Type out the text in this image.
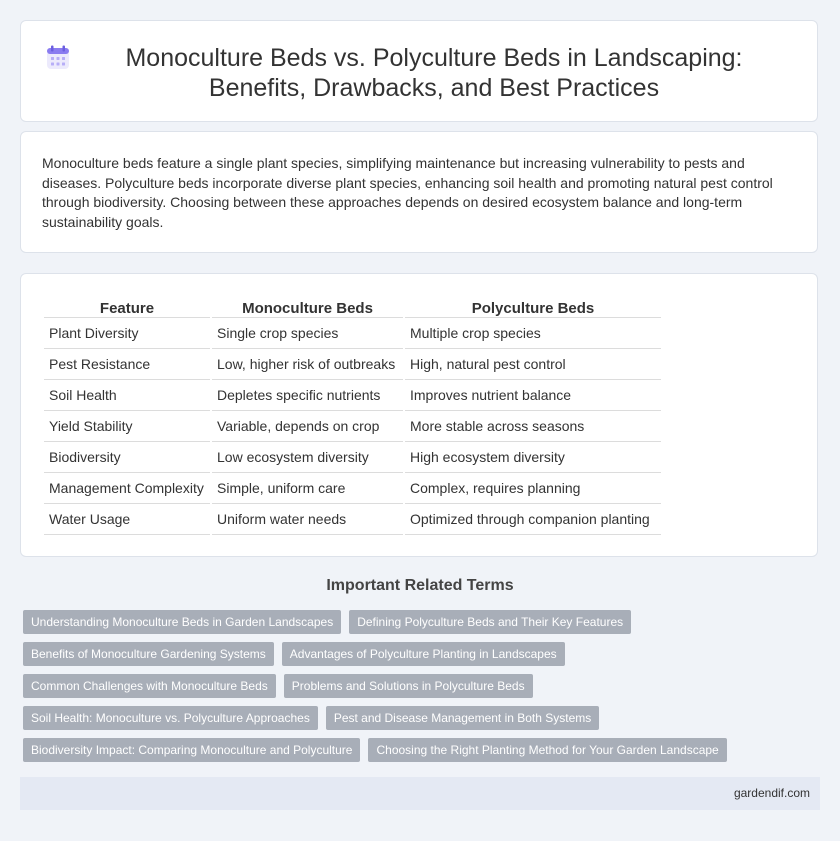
Monoculture Beds vs. Polyculture Beds in Landscaping: Benefits, Drawbacks, and Best Practices

Monoculture beds feature a single plant species, simplifying maintenance but increasing vulnerability to pests and diseases. Polyculture beds incorporate diverse plant species, enhancing soil health and promoting natural pest control through biodiversity. Choosing between these approaches depends on desired ecosystem balance and long-term sustainability goals.

Feature	Monoculture Beds	Polyculture Beds
Plant Diversity	Single crop species	Multiple crop species
Pest Resistance	Low, higher risk of outbreaks	High, natural pest control
Soil Health	Depletes specific nutrients	Improves nutrient balance
Yield Stability	Variable, depends on crop	More stable across seasons
Biodiversity	Low ecosystem diversity	High ecosystem diversity
Management Complexity	Simple, uniform care	Complex, requires planning
Water Usage	Uniform water needs	Optimized through companion planting
Important Related Terms
Understanding Monoculture Beds in Garden Landscapes	Defining Polyculture Beds and Their Key Features
Benefits of Monoculture Gardening Systems	Advantages of Polyculture Planting in Landscapes
Common Challenges with Monoculture Beds	Problems and Solutions in Polyculture Beds
Soil Health: Monoculture vs. Polyculture Approaches	Pest and Disease Management in Both Systems
Biodiversity Impact: Comparing Monoculture and Polyculture	Choosing the Right Planting Method for Your Garden Landscape
gardendif.com
